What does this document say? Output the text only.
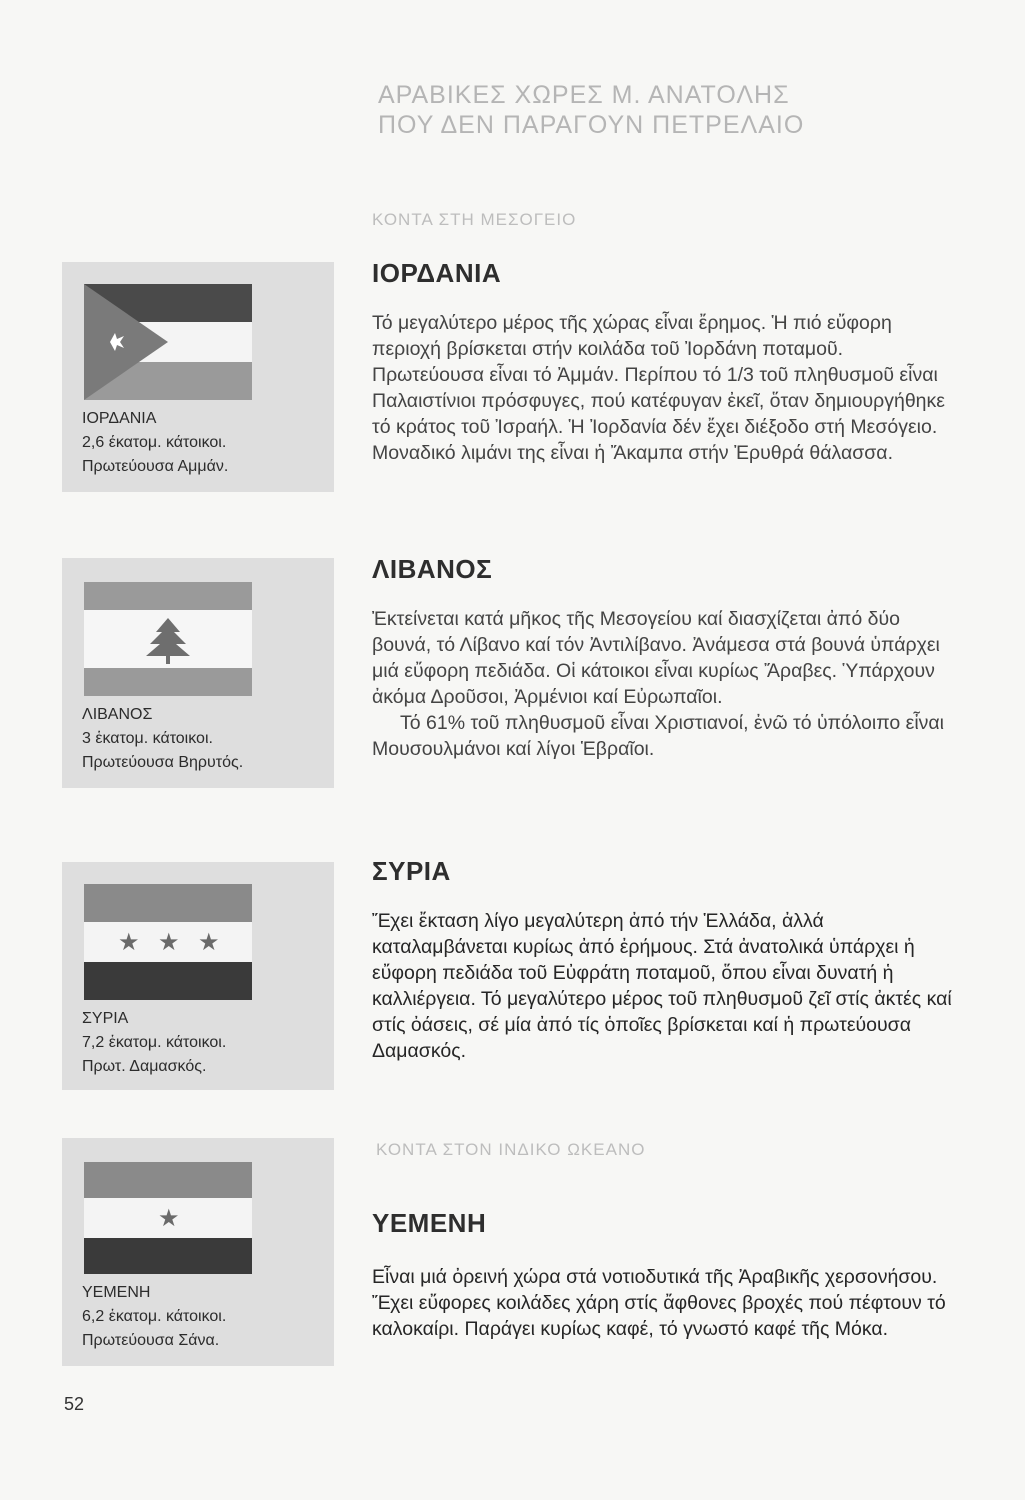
ΑΡΑΒΙΚΕΣ ΧΩΡΕΣ Μ. ΑΝΑΤΟΛΗΣ
ΠΟΥ ΔΕΝ ΠΑΡΑΓΟΥΝ ΠΕΤΡΕΛΑΙΟ
ΚΟΝΤΑ ΣΤΗ ΜΕΣΟΓΕΙΟ
ΙΟΡΔΑΝΙΑ
2,6 έκατομ. κάτοικοι.
Πρωτεύουσα Αμμάν.
ΙΟΡΔΑΝΙΑ

Τό μεγαλύτερο μέρος τῆς χώρας εἶναι ἔρημος. Ἡ πιό εὔφορη περιοχή βρίσκεται στήν κοιλάδα τοῦ Ἰορδάνη ποταμοῦ. Πρωτεύουσα εἶναι τό Ἀμμάν. Περίπου τό 1/3 τοῦ πληθυσμοῦ εἶναι Παλαιστίνιοι πρόσφυγες, πού κατέφυγαν ἐκεῖ, ὅταν δημιουργήθηκε τό κράτος τοῦ Ἰσραήλ. Ἡ Ἰορδανία δέν ἔχει διέξοδο στή Μεσόγειο. Μοναδικό λιμάνι της εἶναι ἡ Ἄκαμπα στήν Ἐρυθρά θάλασσα.

ΛΙΒΑΝΟΣ
3 ἑκατομ. κάτοικοι.
Πρωτεύουσα Βηρυτός.
ΛΙΒΑΝΟΣ

Ἐκτείνεται κατά μῆκος τῆς Μεσογείου καί διασχίζεται ἀπό δύο βουνά, τό Λίβανο καί τόν Ἀντιλίβανο. Ἀνάμεσα στά βουνά ὑπάρχει μιά εὔφορη πεδιάδα. Οἱ κάτοικοι εἶναι κυρίως Ἄραβες. Ὑπάρχουν ἀκόμα Δροῦσοι, Ἀρμένιοι καί Εὐρωπαῖοι.

Τό 61% τοῦ πληθυσμοῦ εἶναι Χριστιανοί, ἐνῶ τό ὑπόλοιπο εἶναι Μουσουλμάνοι καί λίγοι Ἑβραῖοι.

★ ★ ★
ΣΥΡΙΑ
7,2 ἑκατομ. κάτοικοι.
Πρωτ. Δαμασκός.
ΣΥΡΙΑ

Ἔχει ἔκταση λίγο μεγαλύτερη ἀπό τήν Ἑλλάδα, ἀλλά καταλαμβάνεται κυρίως ἀπό ἐρήμους. Στά ἀνατολικά ὑπάρχει ἡ εὔφορη πεδιάδα τοῦ Εὐφράτη ποταμοῦ, ὅπου εἶναι δυνατή ἡ καλλιέργεια. Τό μεγαλύτερο μέρος τοῦ πληθυσμοῦ ζεῖ στίς ἀκτές καί στίς ὀάσεις, σέ μία ἀπό τίς ὁποῖες βρίσκεται καί ἡ πρωτεύουσα Δαμασκός.

ΚΟΝΤΑ ΣΤΟΝ ΙΝΔΙΚΟ ΩΚΕΑΝΟ
★
ΥΕΜΕΝΗ
6,2 ἑκατομ. κάτοικοι.
Πρωτεύουσα Σάνα.
ΥΕΜΕΝΗ

Εἶναι μιά ὀρεινή χώρα στά νοτιοδυτικά τῆς Ἀραβικῆς χερσονήσου. Ἔχει εὔφορες κοιλάδες χάρη στίς ἄφθονες βροχές πού πέφτουν τό καλοκαίρι. Παράγει κυρίως καφέ, τό γνωστό καφέ τῆς Μόκα.

52
